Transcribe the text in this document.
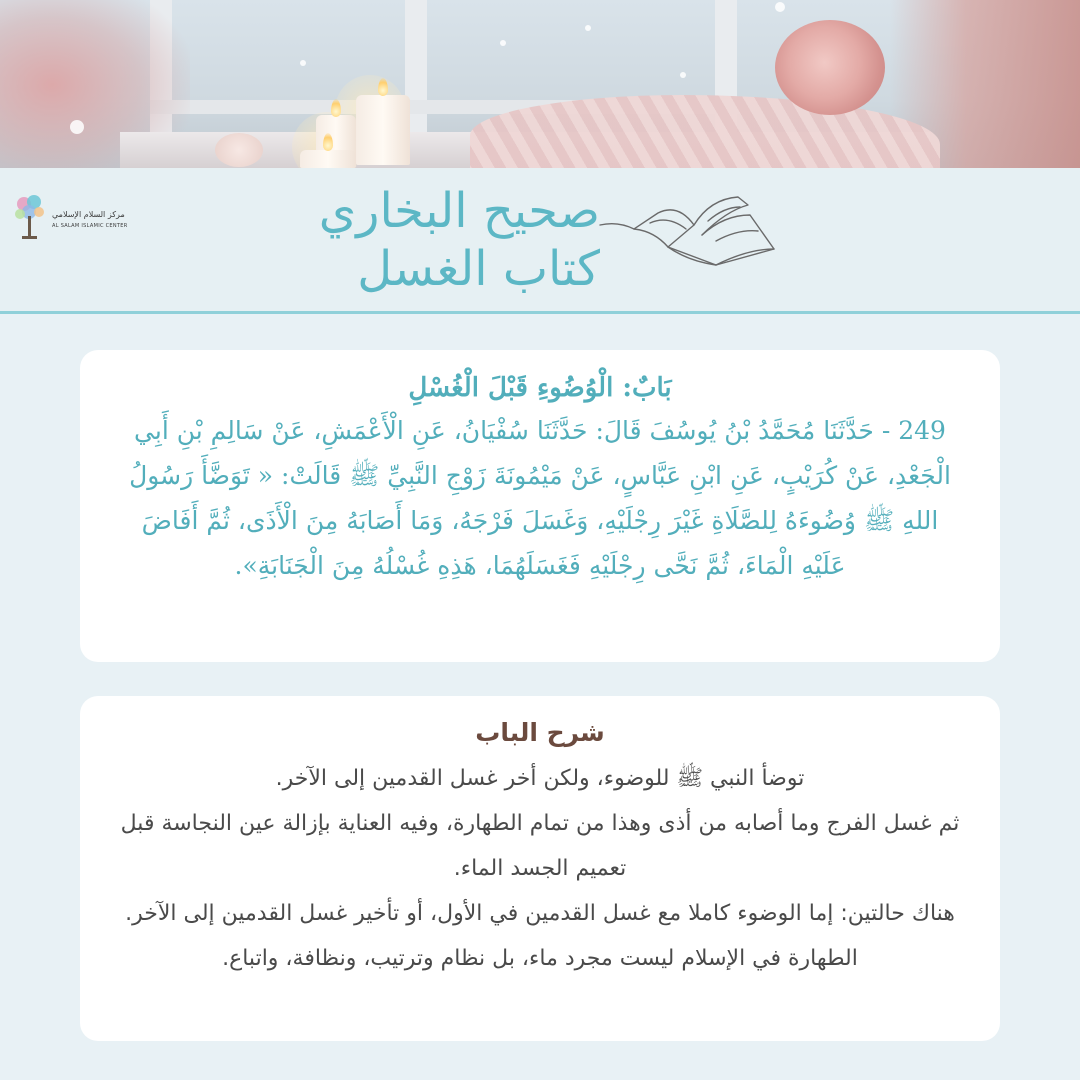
مركز السلام الإسلامي
AL SALAM ISLAMIC CENTER	صحيح البخاري
كتاب الغسل
بَابٌ: الْوُضُوءِ قَبْلَ الْغُسْلِ
249 - حَدَّثَنَا مُحَمَّدُ بْنُ يُوسُفَ قَالَ: حَدَّثَنَا سُفْيَانُ، عَنِ الْأَعْمَشِ، عَنْ سَالِمِ بْنِ أَبِي الْجَعْدِ، عَنْ كُرَيْبٍ، عَنِ ابْنِ عَبَّاسٍ، عَنْ مَيْمُونَةَ زَوْجِ النَّبِيِّ ﷺ قَالَتْ: « تَوَضَّأَ رَسُولُ اللهِ ﷺ وُضُوءَهُ لِلصَّلَاةِ غَيْرَ رِجْلَيْهِ، وَغَسَلَ فَرْجَهُ، وَمَا أَصَابَهُ مِنَ الْأَذَى، ثُمَّ أَفَاضَ عَلَيْهِ الْمَاءَ، ثُمَّ نَحَّى رِجْلَيْهِ فَغَسَلَهُمَا، هَذِهِ غُسْلُهُ مِنَ الْجَنَابَةِ».
شرح الباب
توضأ النبي ﷺ للوضوء، ولكن أخر غسل القدمين إلى الآخر.
ثم غسل الفرج وما أصابه من أذى وهذا من تمام الطهارة، وفيه العناية بإزالة عين النجاسة قبل تعميم الجسد الماء.
هناك حالتين: إما الوضوء كاملا مع غسل القدمين في الأول، أو تأخير غسل القدمين إلى الآخر.
الطهارة في الإسلام ليست مجرد ماء، بل نظام وترتيب، ونظافة، واتباع.
